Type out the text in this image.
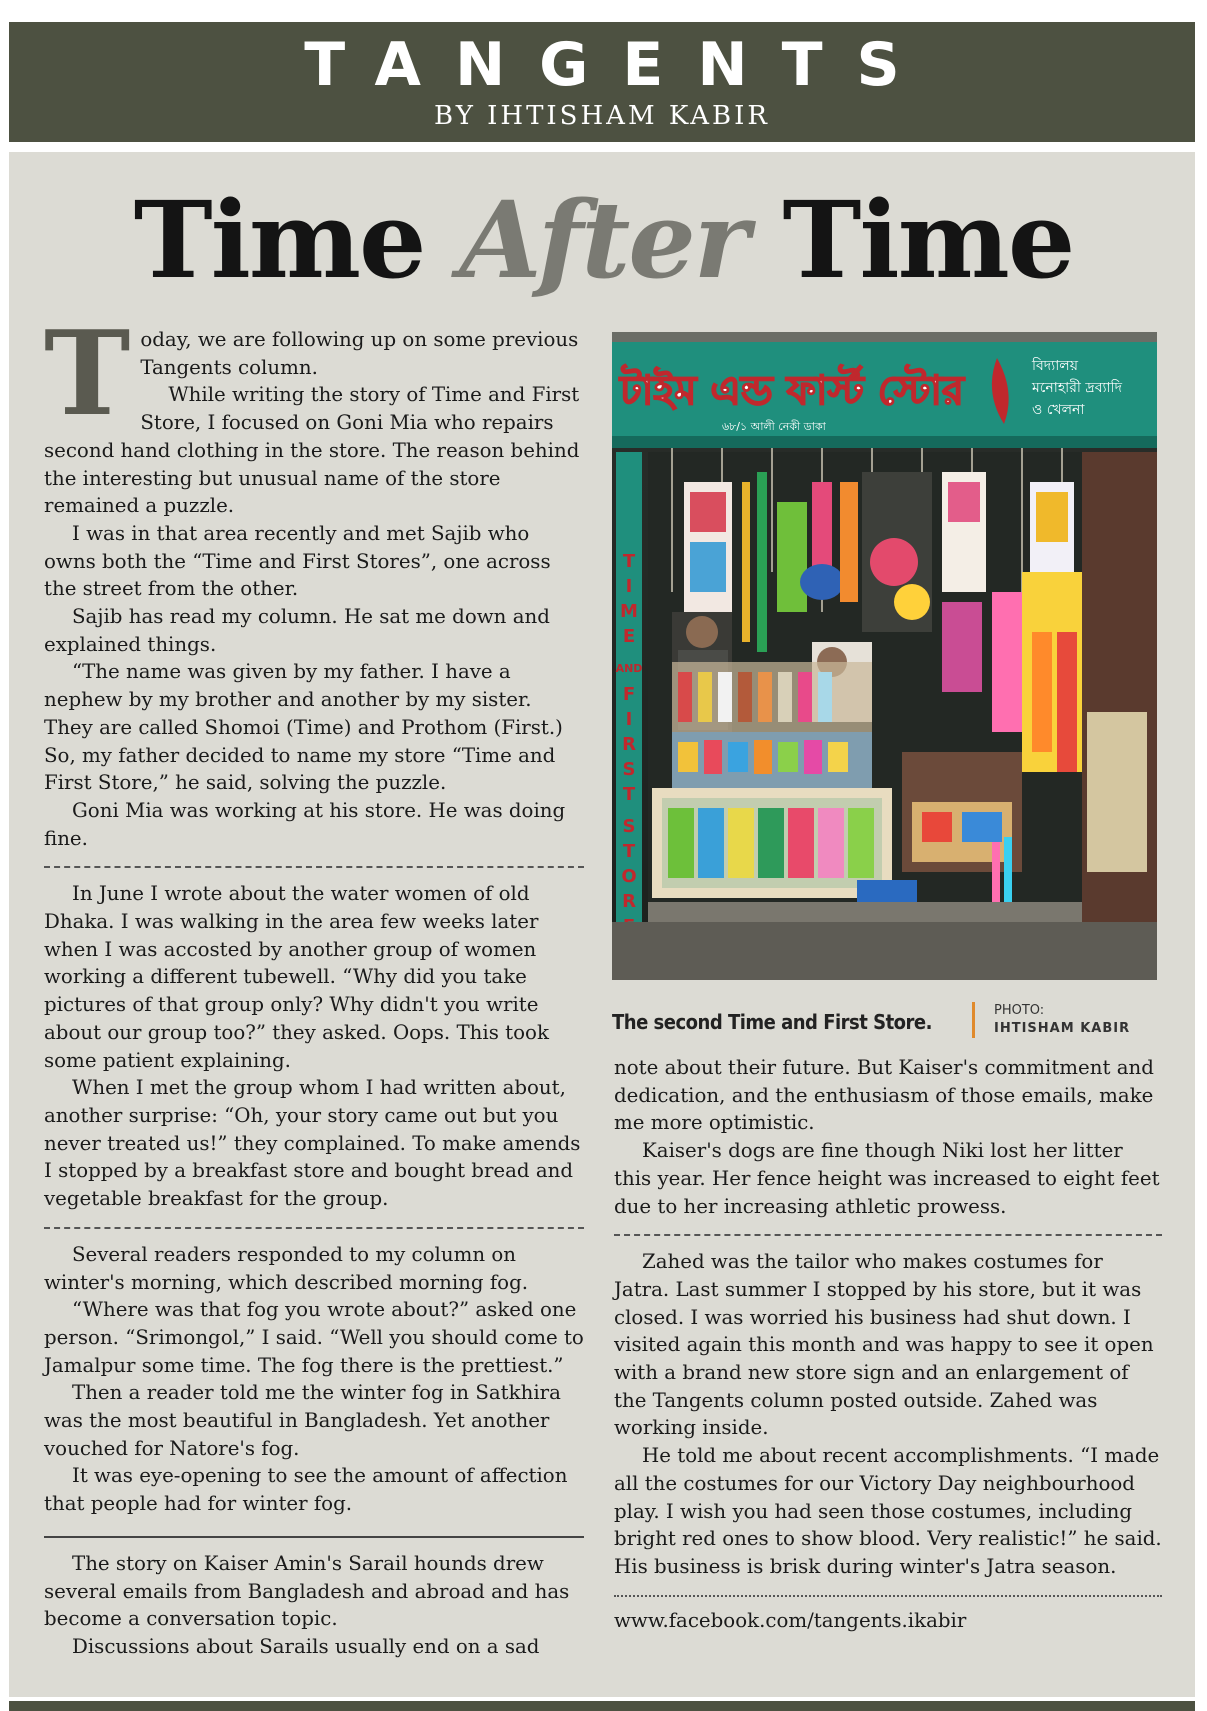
TANGENTS
BY IHTISHAM KABIR
Time After Time

Today, we are following up on some previous Tangents column.

While writing the story of Time and First Store, I focused on Goni Mia who repairs second hand clothing in the store. The reason behind the interesting but unusual name of the store remained a puzzle.

I was in that area recently and met Sajib who owns both the “Time and First Stores”, one across the street from the other.

Sajib has read my column. He sat me down and explained things.

“The name was given by my father. I have a nephew by my brother and another by my sister. They are called Shomoi (Time) and Prothom (First.) So, my father decided to name my store “Time and First Store,” he said, solving the puzzle.

Goni Mia was working at his store. He was doing fine.

In June I wrote about the water women of old Dhaka. I was walking in the area few weeks later when I was accosted by another group of women working a different tubewell. “Why did you take pictures of that group only? Why didn't you write about our group too?” they asked. Oops. This took some patient explaining.

When I met the group whom I had written about, another surprise: “Oh, your story came out but you never treated us!” they complained. To make amends I stopped by a breakfast store and bought bread and vegetable breakfast for the group.

Several readers responded to my column on winter's morning, which described morning fog.

“Where was that fog you wrote about?” asked one person. “Srimongol,” I said. “Well you should come to Jamalpur some time. The fog there is the prettiest.”

Then a reader told me the winter fog in Satkhira was the most beautiful in Bangladesh. Yet another vouched for Natore's fog.

It was eye-opening to see the amount of affection that people had for winter fog.

The story on Kaiser Amin's Sarail hounds drew several emails from Bangladesh and abroad and has become a conversation topic.

Discussions about Sarails usually end on a sad

টাইম এন্ড ফার্স্ট স্টোর
বিদ্যালয়
মনোহারী দ্রব্যাদি
ও খেলনা
৬৮/১ আলী নেকী ডাকা
T
I
M
E
AND
F
I
R
S
T
S
T
O
R
The second Time and First Store.	PHOTO:
IHTISHAM KABIR

note about their future. But Kaiser's commitment and dedication, and the enthusiasm of those emails, make me more optimistic.

Kaiser's dogs are fine though Niki lost her litter this year. Her fence height was increased to eight feet due to her increasing athletic prowess.

Zahed was the tailor who makes costumes for Jatra. Last summer I stopped by his store, but it was closed. I was worried his business had shut down. I visited again this month and was happy to see it open with a brand new store sign and an enlargement of the Tangents column posted outside. Zahed was working inside.

He told me about recent accomplishments. “I made all the costumes for our Victory Day neighbourhood play. I wish you had seen those costumes, including bright red ones to show blood. Very realistic!” he said. His business is brisk during winter's Jatra season.

www.facebook.com/tangents.ikabir
